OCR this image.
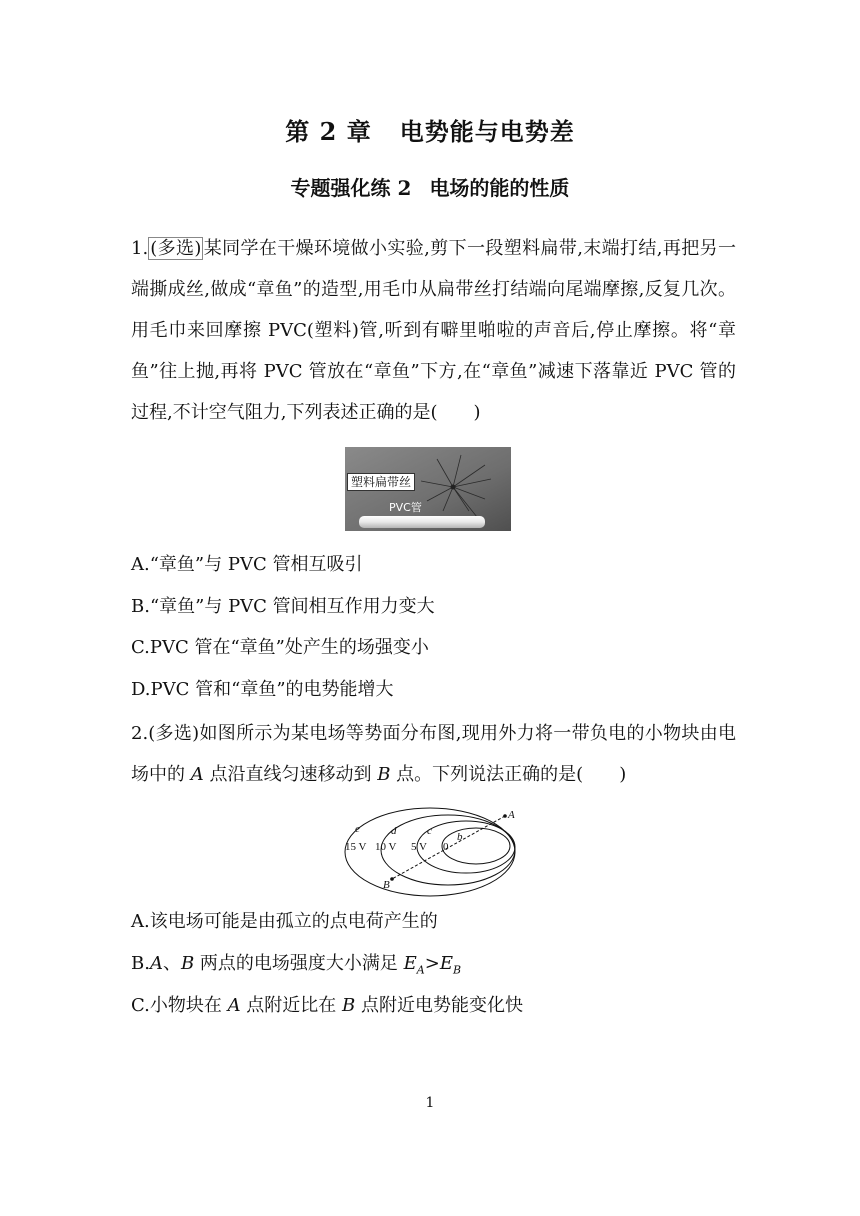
第 2 章 电势能与电势差
专题强化练 2 电场的能的性质
1. (多选) 某同学在干燥环境做小实验,剪下一段塑料扁带,末端打结,再把另一端撕成丝,做成“章鱼”的造型,用毛巾从扁带丝打结端向尾端摩擦,反复几次。用毛巾来回摩擦 PVC(塑料)管,听到有噼里啪啦的声音后,停止摩擦。将“章鱼”往上抛,再将 PVC 管放在“章鱼”下方,在“章鱼”减速下落靠近 PVC 管的过程,不计空气阻力,下列表述正确的是( )
塑料扁带丝
PVC管
A.“章鱼”与 PVC 管相互吸引
B.“章鱼”与 PVC 管间相互作用力变大
C.PVC 管在“章鱼”处产生的场强变小
D.PVC 管和“章鱼”的电势能增大
2.(多选)如图所示为某电场等势面分布图,现用外力将一带负电的小物块由电场中的 A 点沿直线匀速移动到 B 点。下列说法正确的是( )
e	d	c b
15 V 10 V 5 V 0
A
B
A.该电场可能是由孤立的点电荷产生的
B.A、B 两点的电场强度大小满足 $E_A>E_B$
C.小物块在 A 点附近比在 B 点附近电势能变化快
1
